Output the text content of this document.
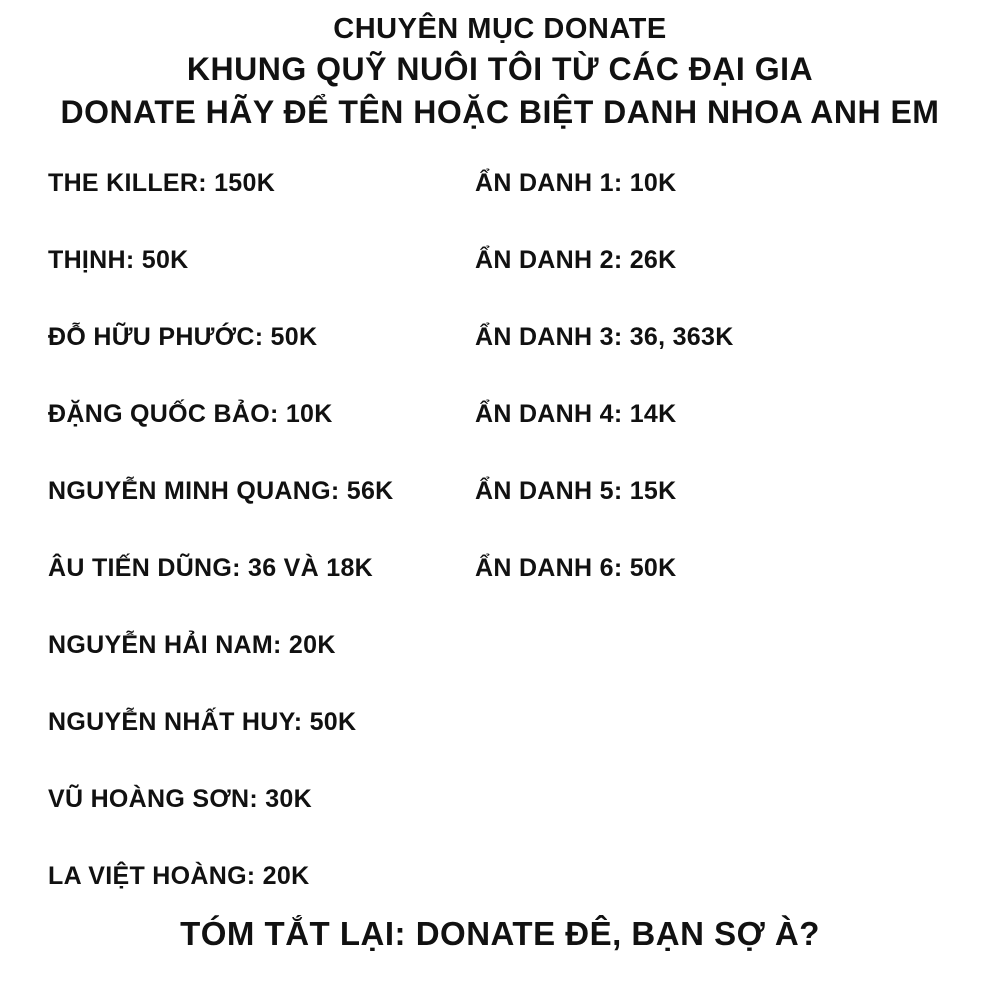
CHUYÊN MỤC DONATE
KHUNG QUỸ NUÔI TÔI TỪ CÁC ĐẠI GIA
DONATE HÃY ĐỂ TÊN HOẶC BIỆT DANH NHOA ANH EM
THE KILLER: 150K
THỊNH: 50K
ĐỖ HỮU PHƯỚC: 50K
ĐẶNG QUỐC BẢO: 10K
NGUYỄN MINH QUANG: 56K
ÂU TIẾN DŨNG: 36 VÀ 18K
NGUYỄN HẢI NAM: 20K
NGUYỄN NHẤT HUY: 50K
VŨ HOÀNG SƠN: 30K
LA VIỆT HOÀNG: 20K
ẨN DANH 1: 10K
ẨN DANH 2: 26K
ẨN DANH 3: 36, 363K
ẨN DANH 4: 14K
ẨN DANH 5: 15K
ẨN DANH 6: 50K
TÓM TẮT LẠI: DONATE ĐÊ, BẠN SỢ À?
